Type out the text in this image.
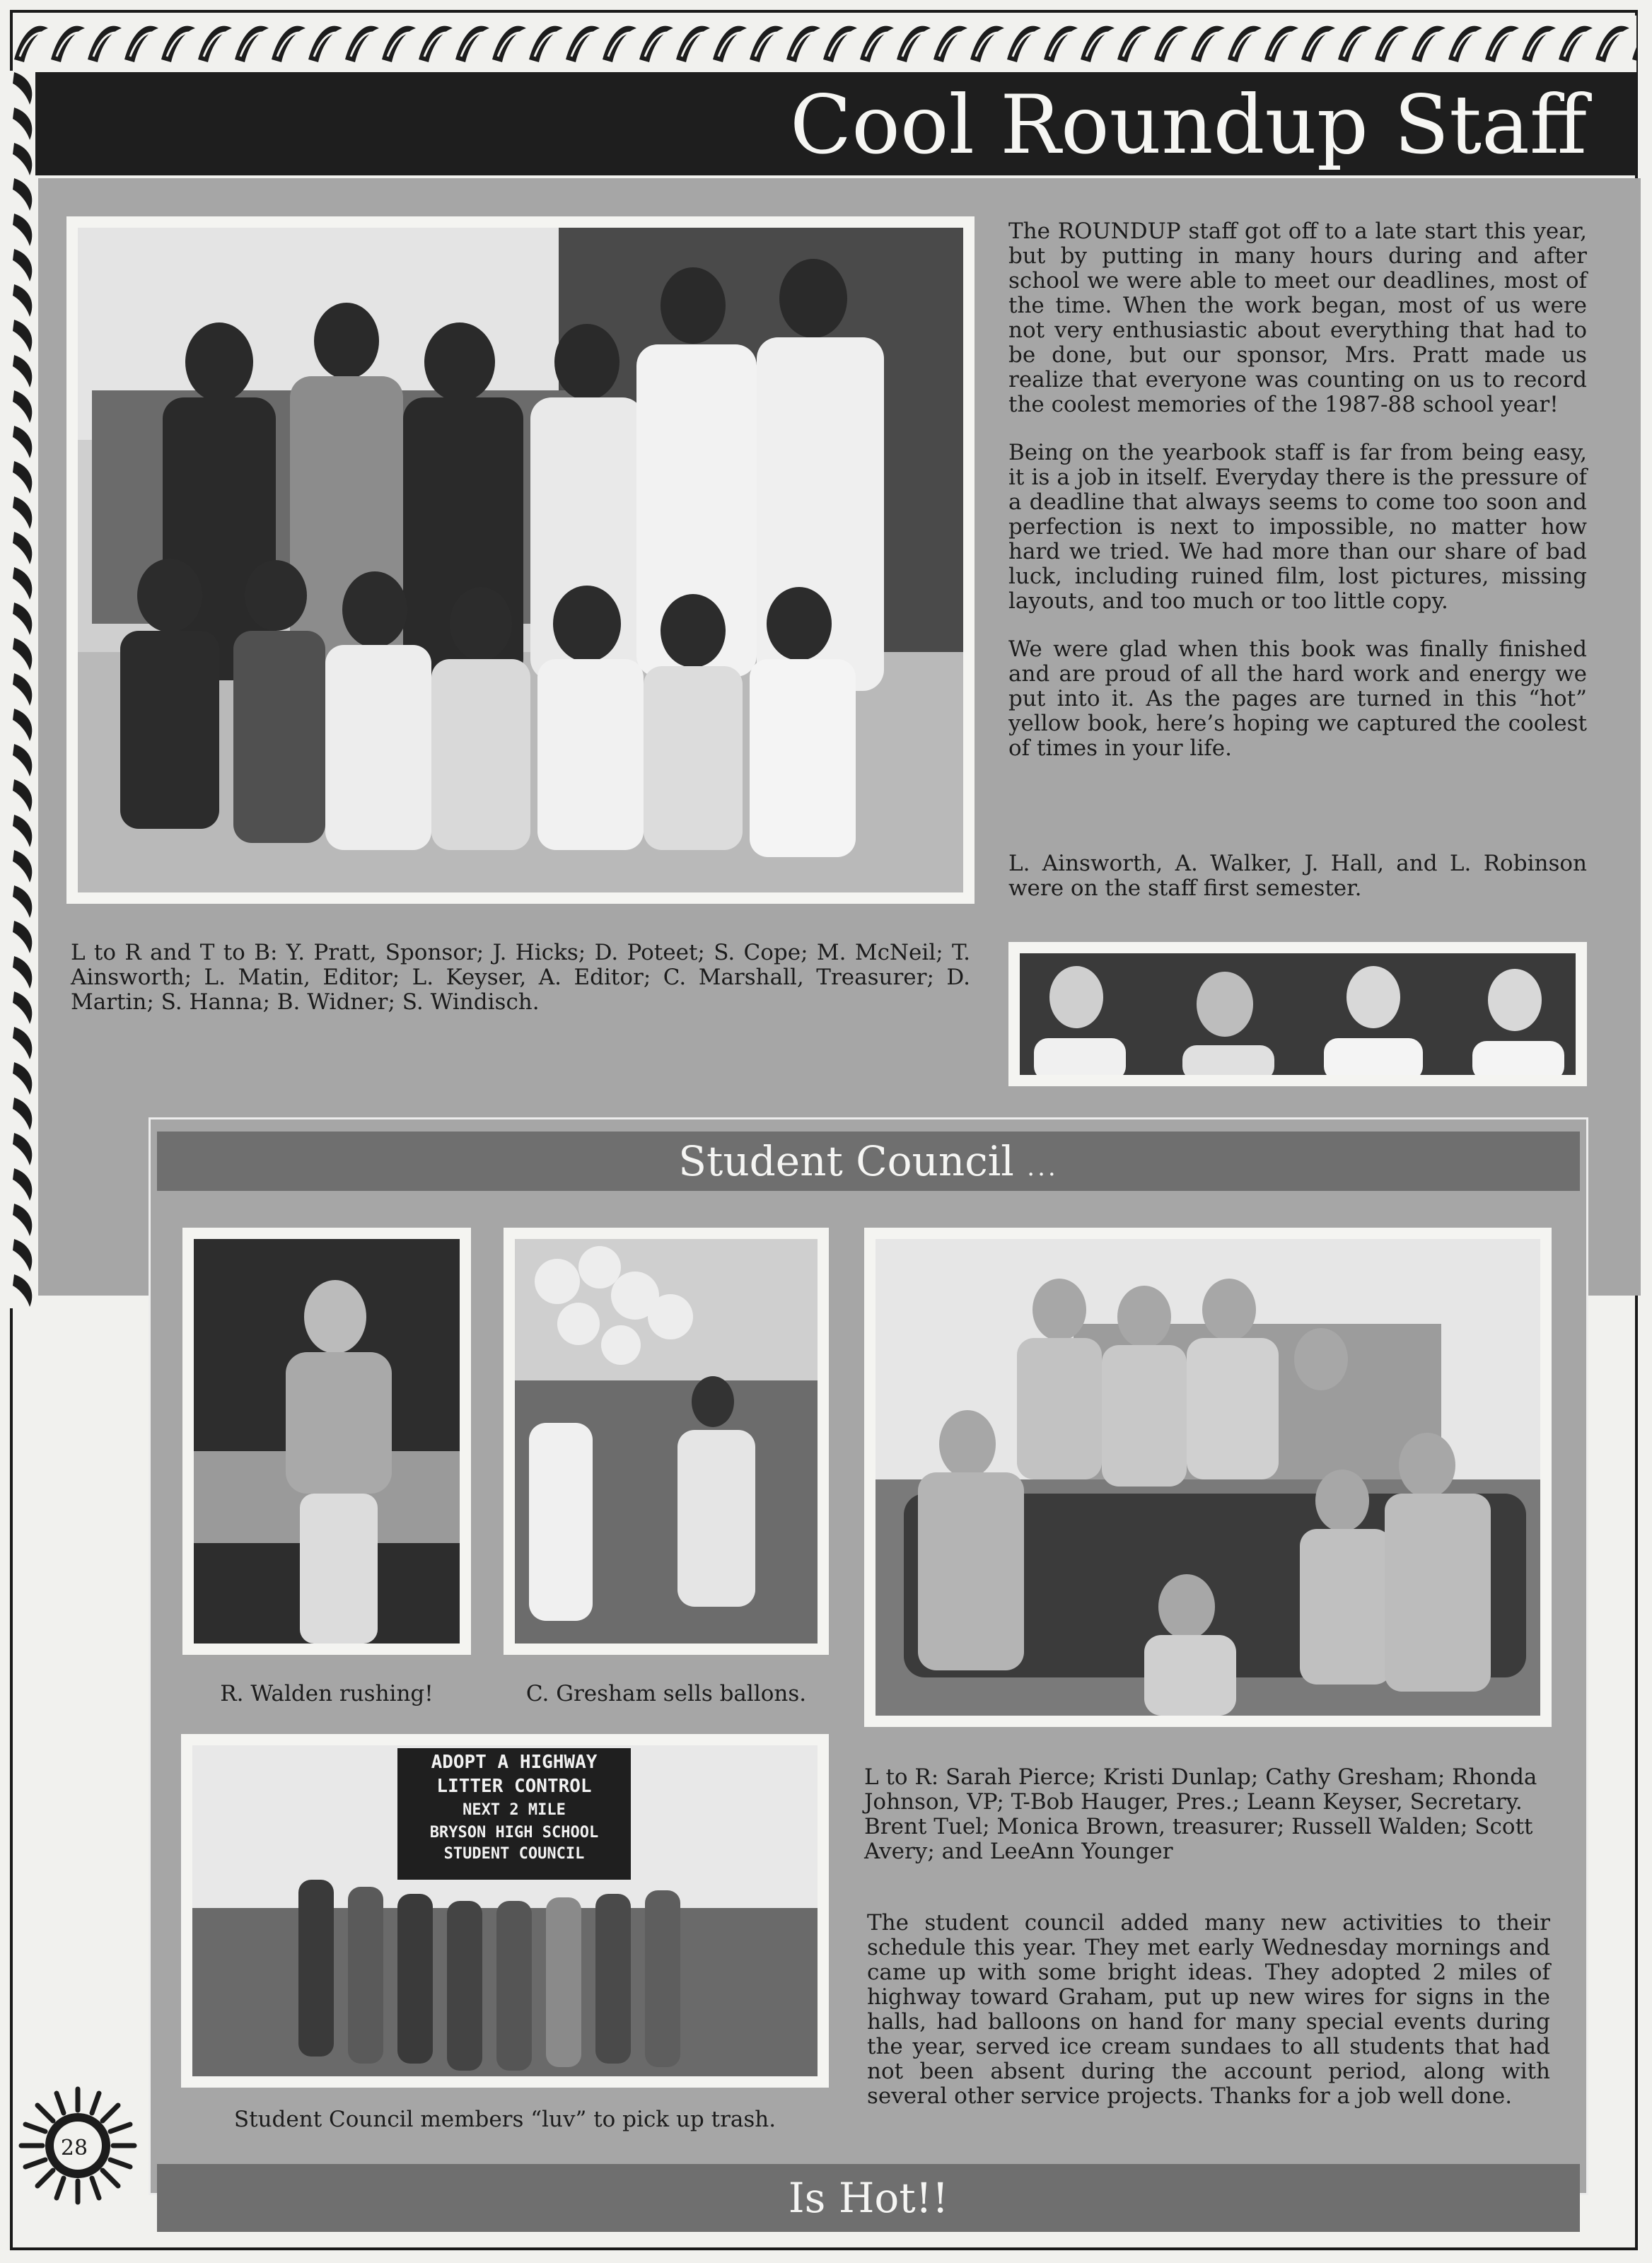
Cool Roundup Staff

The ROUNDUP staff got off to a late start this year, but by putting in many hours during and after school we were able to meet our deadlines, most of the time. When the work began, most of us were not very enthusiastic about everything that had to be done, but our sponsor, Mrs. Pratt made us realize that everyone was counting on us to record the coolest memories of the 1987-88 school year!

Being on the yearbook staff is far from being easy, it is a job in itself. Everyday there is the pressure of a deadline that always seems to come too soon and perfection is next to impossible, no matter how hard we tried. We had more than our share of bad luck, including ruined film, lost pictures, missing layouts, and too much or too little copy.

We were glad when this book was finally finished and are proud of all the hard work and energy we put into it. As the pages are turned in this “hot” yellow book, here’s hoping we captured the coolest of times in your life.

L. Ainsworth, A. Walker, J. Hall, and L. Robinson were on the staff first semester.
L to R and T to B: Y. Pratt, Sponsor; J. Hicks; D. Poteet; S. Cope; M. McNeil; T. Ainsworth; L. Matin, Editor; L. Keyser, A. Editor; C. Marshall, Treasurer; D. Martin; S. Hanna; B. Widner; S. Windisch.
Student Council ...
R. Walden rushing!	C. Gresham sells ballons.
L to R: Sarah Pierce; Kristi Dunlap; Cathy Gresham; Rhonda Johnson, VP; T-Bob Hauger, Pres.; Leann Keyser, Secretary. Brent Tuel; Monica Brown, treasurer; Russell Walden; Scott Avery; and LeeAnn Younger
ADOPT A HIGHWAY
LITTER CONTROL
NEXT 2 MILE
BRYSON HIGH SCHOOL
STUDENT COUNCIL
Student Council members “luv” to pick up trash.

The student council added many new activities to their schedule this year. They met early Wednesday mornings and came up with some bright ideas. They adopted 2 miles of highway toward Graham, put up new wires for signs in the halls, had balloons on hand for many special events during the year, served ice cream sundaes to all students that had not been absent during the account period, along with several other service projects. Thanks for a job well done.

Is Hot!!
28
